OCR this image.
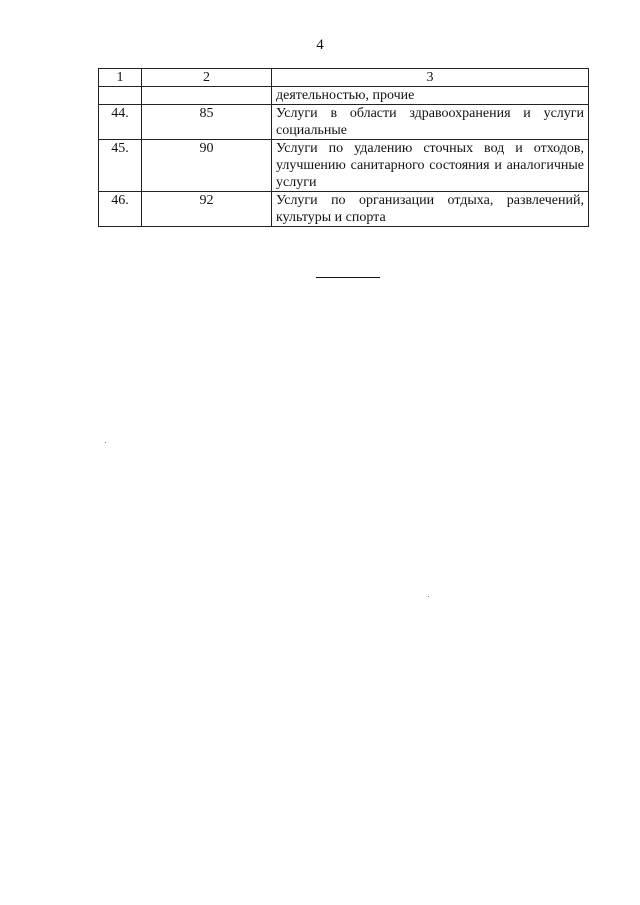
4
1	2	3
		деятельностью, прочие
44.	85	Услуги в области здравоохранения и услуги социальные
45.	90	Услуги по удалению сточных вод и отходов, улучшению санитарного состояния и аналогичные услуги
46.	92	Услуги по организации отдыха, развлечений, культуры и спорта
